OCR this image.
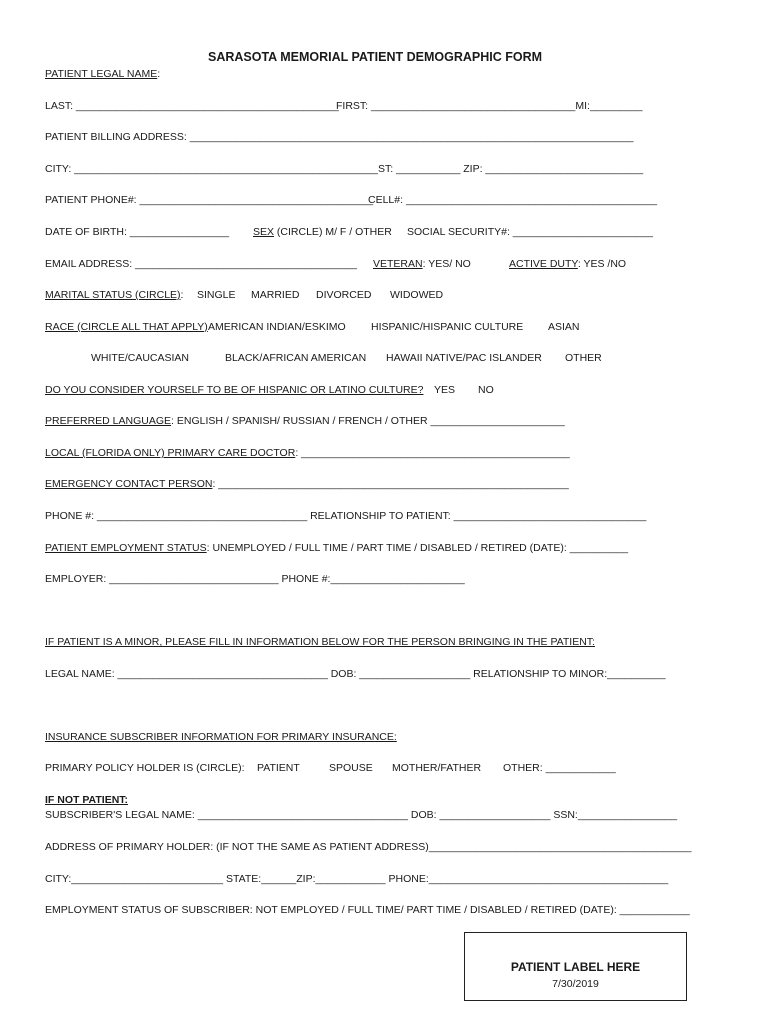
SARASOTA MEMORIAL PATIENT DEMOGRAPHIC FORM
PATIENT LEGAL NAME:
LAST: _____________________________________________
FIRST: ___________________________________MI:_________
PATIENT BILLING ADDRESS: ____________________________________________________________________________
CITY: ____________________________________________________ ST: ___________ ZIP: ___________________________
PATIENT PHONE#: ________________________________________
CELL#: ___________________________________________
DATE OF BIRTH: _________________ SEX (CIRCLE) M/ F / OTHER SOCIAL SECURITY#: ________________________
EMAIL ADDRESS: ______________________________________ VETERAN: YES/ NO	ACTIVE DUTY: YES /NO
MARITAL STATUS (CIRCLE): SINGLE MARRIED DIVORCED WIDOWED
RACE (CIRCLE ALL THAT APPLY) AMERICAN INDIAN/ESKIMO HISPANIC/HISPANIC CULTURE ASIAN
WHITE/CAUCASIAN	BLACK/AFRICAN AMERICAN HAWAII NATIVE/PAC ISLANDER OTHER
DO YOU CONSIDER YOURSELF TO BE OF HISPANIC OR LATINO CULTURE? YES NO
PREFERRED LANGUAGE: ENGLISH / SPANISH/ RUSSIAN / FRENCH / OTHER _______________________
LOCAL (FLORIDA ONLY) PRIMARY CARE DOCTOR: ______________________________________________
EMERGENCY CONTACT PERSON: ____________________________________________________________
PHONE #: ____________________________________ RELATIONSHIP TO PATIENT: _________________________________
PATIENT EMPLOYMENT STATUS: UNEMPLOYED / FULL TIME / PART TIME / DISABLED / RETIRED (DATE): __________
EMPLOYER: _____________________________ PHONE #:_______________________
IF PATIENT IS A MINOR, PLEASE FILL IN INFORMATION BELOW FOR THE PERSON BRINGING IN THE PATIENT:
LEGAL NAME: ____________________________________ DOB: ___________________ RELATIONSHIP TO MINOR:__________
INSURANCE SUBSCRIBER INFORMATION FOR PRIMARY INSURANCE:
PRIMARY POLICY HOLDER IS (CIRCLE): PATIENT	SPOUSE MOTHER/FATHER OTHER: ____________
IF NOT PATIENT:
SUBSCRIBER'S LEGAL NAME: ____________________________________ DOB: ___________________ SSN:_________________
ADDRESS OF PRIMARY HOLDER: (IF NOT THE SAME AS PATIENT ADDRESS)_____________________________________________
CITY:__________________________ STATE:______ZIP:____________ PHONE:_________________________________________
EMPLOYMENT STATUS OF SUBSCRIBER: NOT EMPLOYED / FULL TIME/ PART TIME / DISABLED / RETIRED (DATE): ____________
PATIENT LABEL HERE
7/30/2019
